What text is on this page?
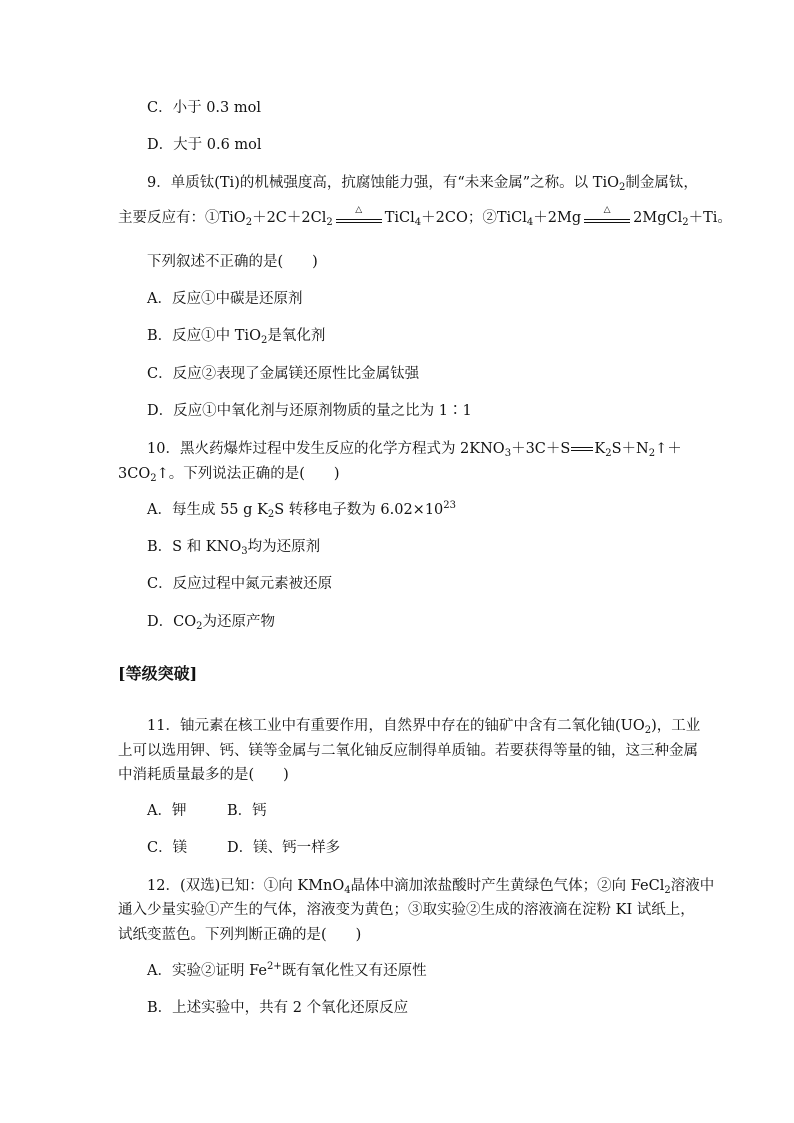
C．小于 0.3 mol
D．大于 0.6 mol
9．单质钛(Ti)的机械强度高，抗腐蚀能力强，有“未来金属”之称。以 TiO$_2$制金属钛，
主要反应有：$①TiO_2+2C+2Cl_2$
△	TiCl$_4$＋2CO；②TiCl$_4$＋2Mg	△	2MgCl$_2$＋Ti。
下列叙述不正确的是(　　)
A．反应①中碳是还原剂
B．反应①中 TiO$_2$是氧化剂
C．反应②表现了金属镁还原性比金属钛强
D．反应①中氧化剂与还原剂物质的量之比为 1∶1
10．黑火药爆炸过程中发生反应的化学方程式为 $2KNO_3+3C+S$ $K_2S+N_2↑+$
$3CO_2↑$。下列说法正确的是(　　)
A．每生成 55 g $K_2S$ 转移电子数为 $6.02\times 10^{23}$
B．S 和 $KNO_3$均为还原剂
C．反应过程中氮元素被还原
D．$CO_2$为还原产物
[等级突破]
11．铀元素在核工业中有重要作用，自然界中存在的铀矿中含有二氧化铀$(UO_2)$，工业
上可以选用钾、钙、镁等金属与二氧化铀反应制得单质铀。若要获得等量的铀，这三种金属
中消耗质量最多的是(　　)
A．钾	B．钙
C．镁	D．镁、钙一样多
12．(双选)已知：①向 KMnO$_4$晶体中滴加浓盐酸时产生黄绿色气体；②向 FeCl$_2$溶液中
通入少量实验①产生的气体，溶液变为黄色；③取实验②生成的溶液滴在淀粉 KI 试纸上，
试纸变蓝色。下列判断正确的是(　　)
A．实验②证明 $Fe^{2+}$既有氧化性又有还原性
B．上述实验中，共有 2 个氧化还原反应
